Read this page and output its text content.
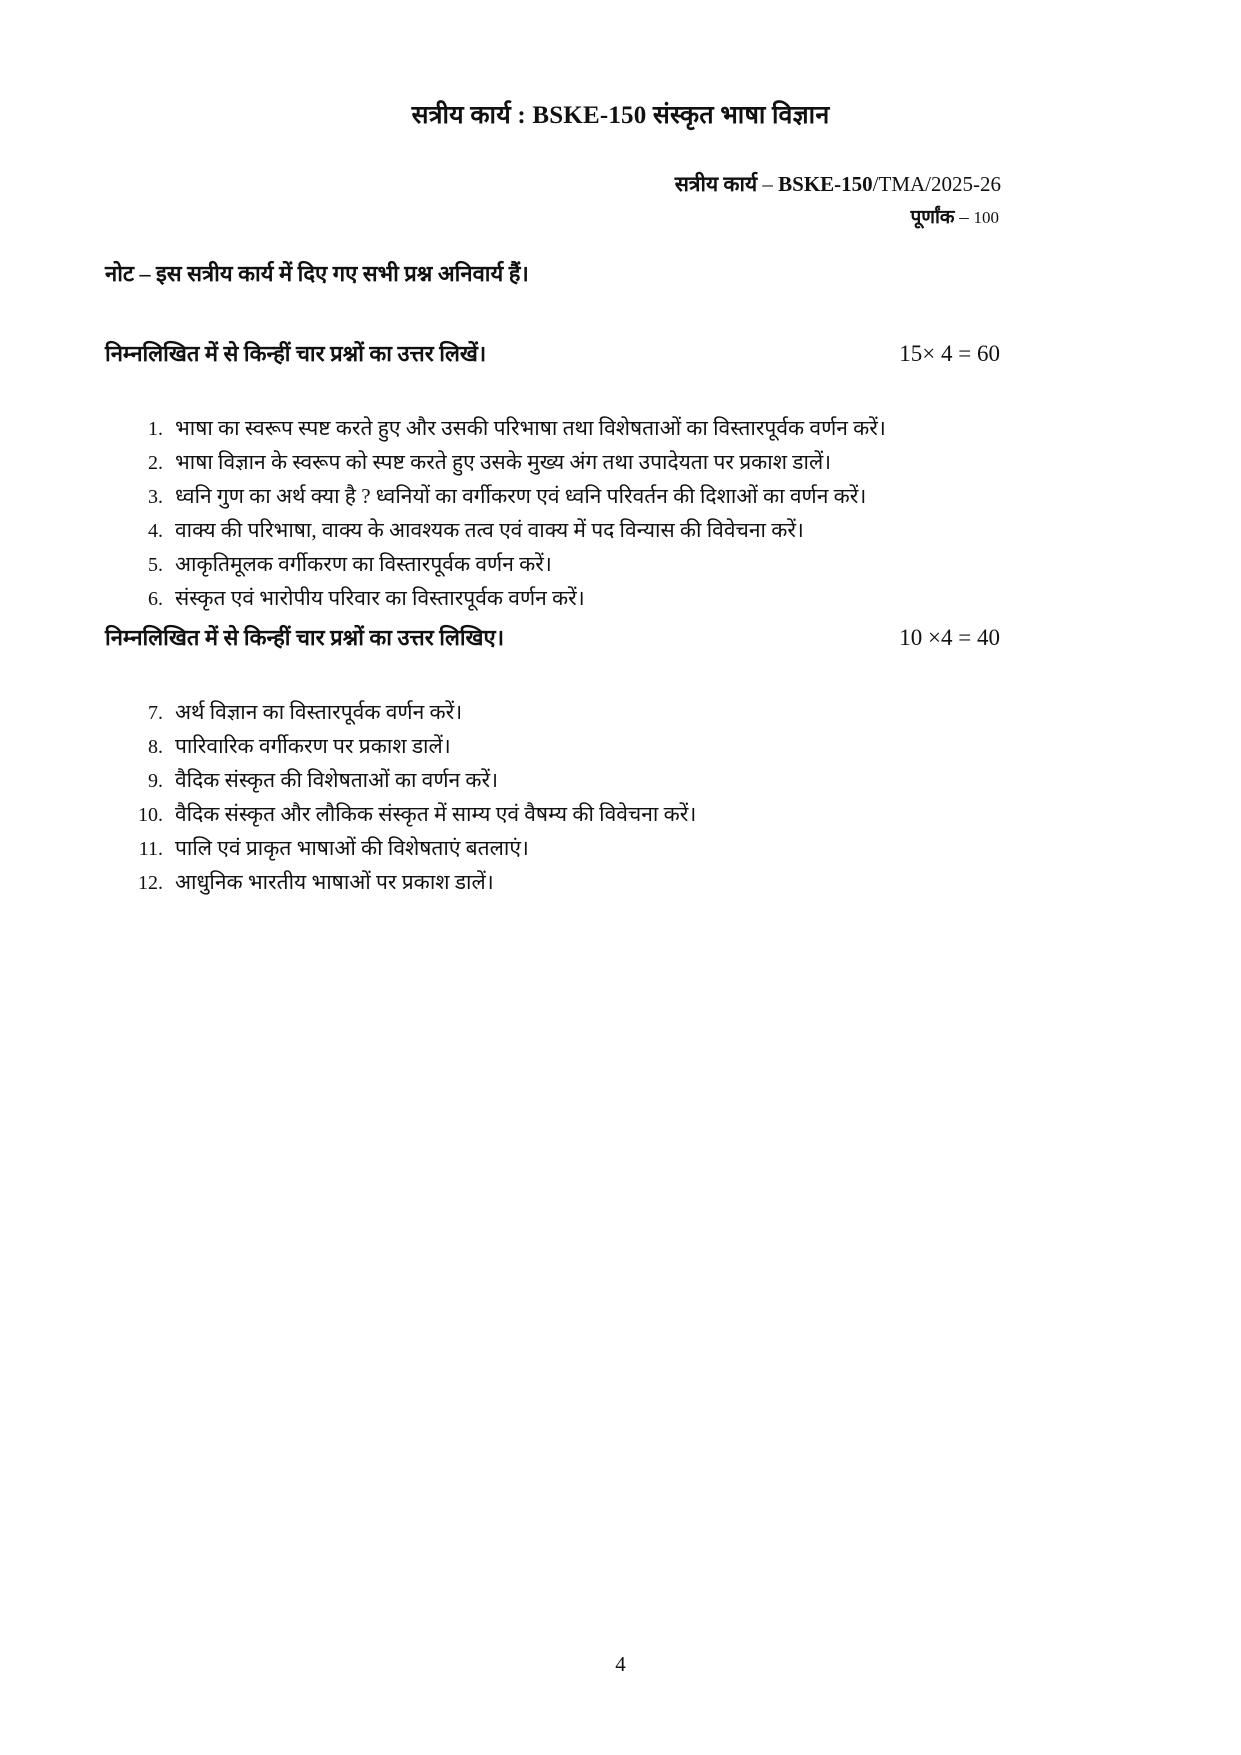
सत्रीय कार्य : BSKE-150 संस्कृत भाषा विज्ञान
सत्रीय कार्य – BSKE-150/TMA/2025-26
पूर्णांक – 100
नोट – इस सत्रीय कार्य में दिए गए सभी प्रश्न अनिवार्य हैं।
निम्नलिखित में से किन्हीं चार प्रश्नों का उत्तर लिखें।	15× 4 = 60
1. भाषा का स्वरूप स्पष्ट करते हुए और उसकी परिभाषा तथा विशेषताओं का विस्तारपूर्वक वर्णन करें।
2. भाषा विज्ञान के स्वरूप को स्पष्ट करते हुए उसके मुख्य अंग तथा उपादेयता पर प्रकाश डालें।
3. ध्वनि गुण का अर्थ क्या है ? ध्वनियों का वर्गीकरण एवं ध्वनि परिवर्तन की दिशाओं का वर्णन करें।
4. वाक्य की परिभाषा, वाक्य के आवश्यक तत्व एवं वाक्य में पद विन्यास की विवेचना करें।
5. आकृतिमूलक वर्गीकरण का विस्तारपूर्वक वर्णन करें।
6. संस्कृत एवं भारोपीय परिवार का विस्तारपूर्वक वर्णन करें।
निम्नलिखित में से किन्हीं चार प्रश्नों का उत्तर लिखिए।	10 ×4 = 40
7. अर्थ विज्ञान का विस्तारपूर्वक वर्णन करें।
8. पारिवारिक वर्गीकरण पर प्रकाश डालें।
9. वैदिक संस्कृत की विशेषताओं का वर्णन करें।
10. वैदिक संस्कृत और लौकिक संस्कृत में साम्य एवं वैषम्य की विवेचना करें।
11. पालि एवं प्राकृत भाषाओं की विशेषताएं बतलाएं।
12. आधुनिक भारतीय भाषाओं पर प्रकाश डालें।
4
